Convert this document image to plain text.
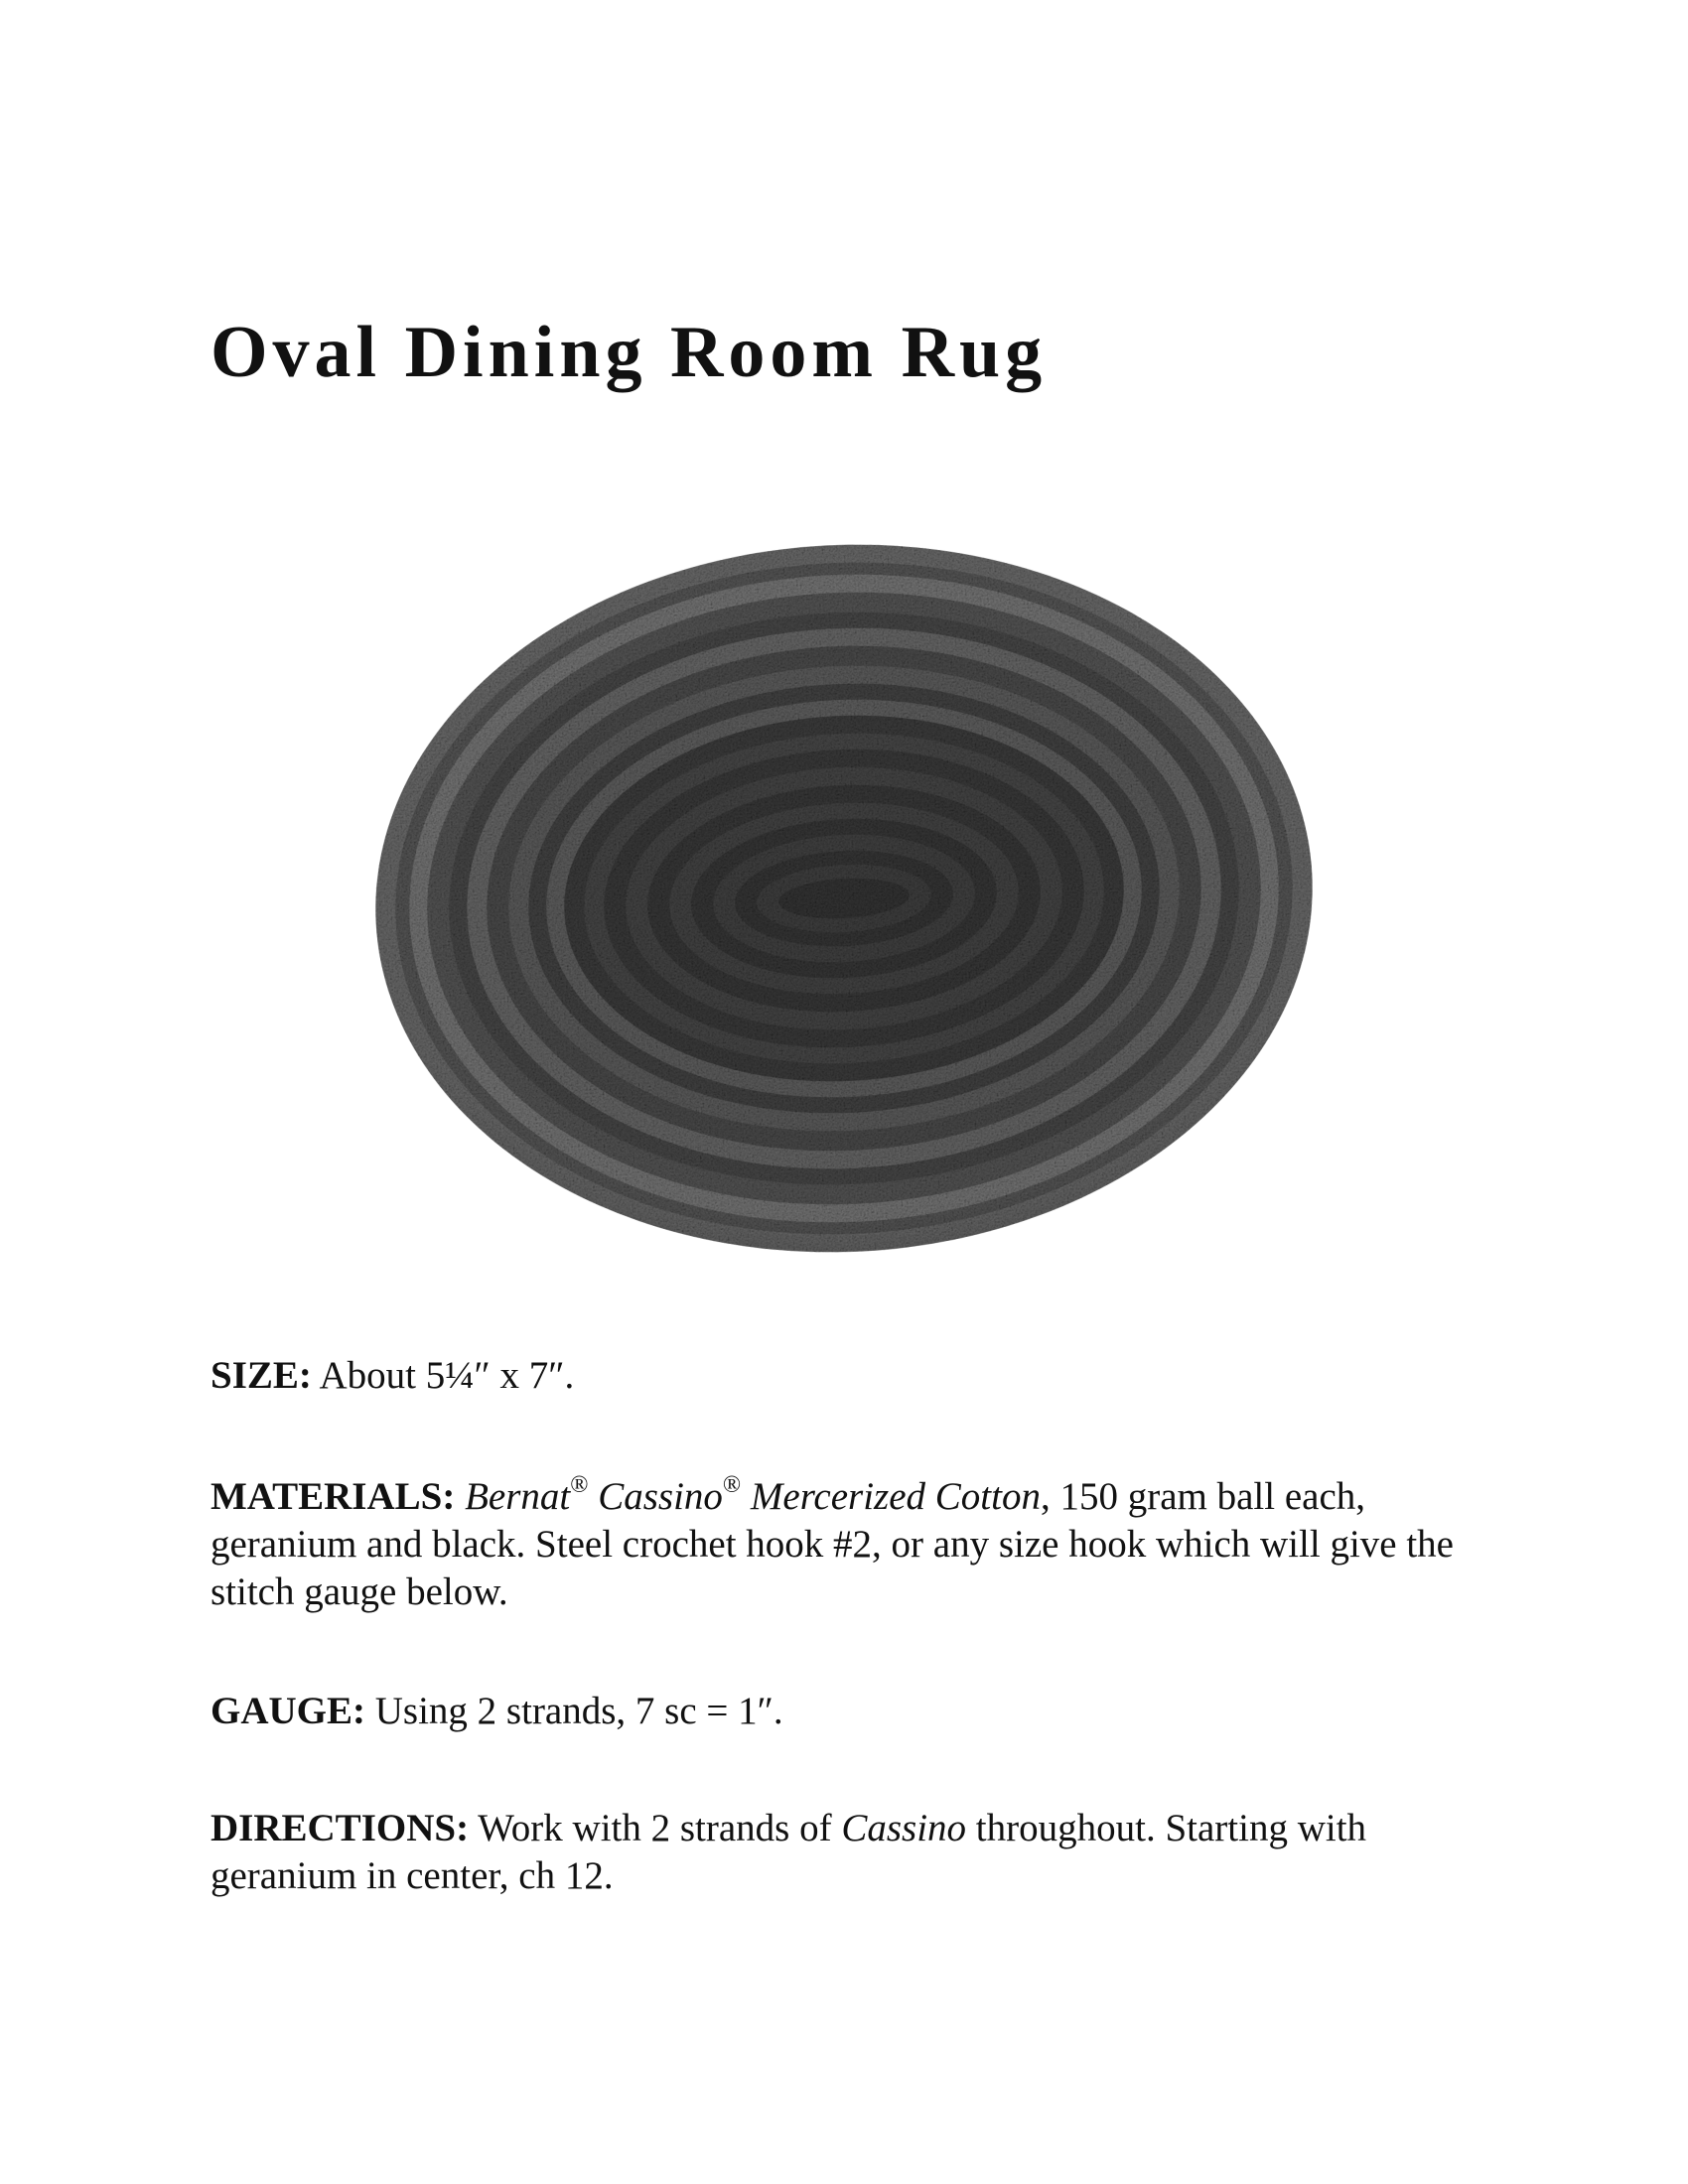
Oval Dining Room Rug

SIZE: About 5¼″ x 7″.

MATERIALS: Bernat® Cassino® Mercerized Cotton, 150 gram ball each, geranium and black. Steel crochet hook #2, or any size hook which will give the stitch gauge below.

GAUGE: Using 2 strands, 7 sc = 1″.

DIRECTIONS: Work with 2 strands of Cassino throughout. Starting with geranium in center, ch 12.
